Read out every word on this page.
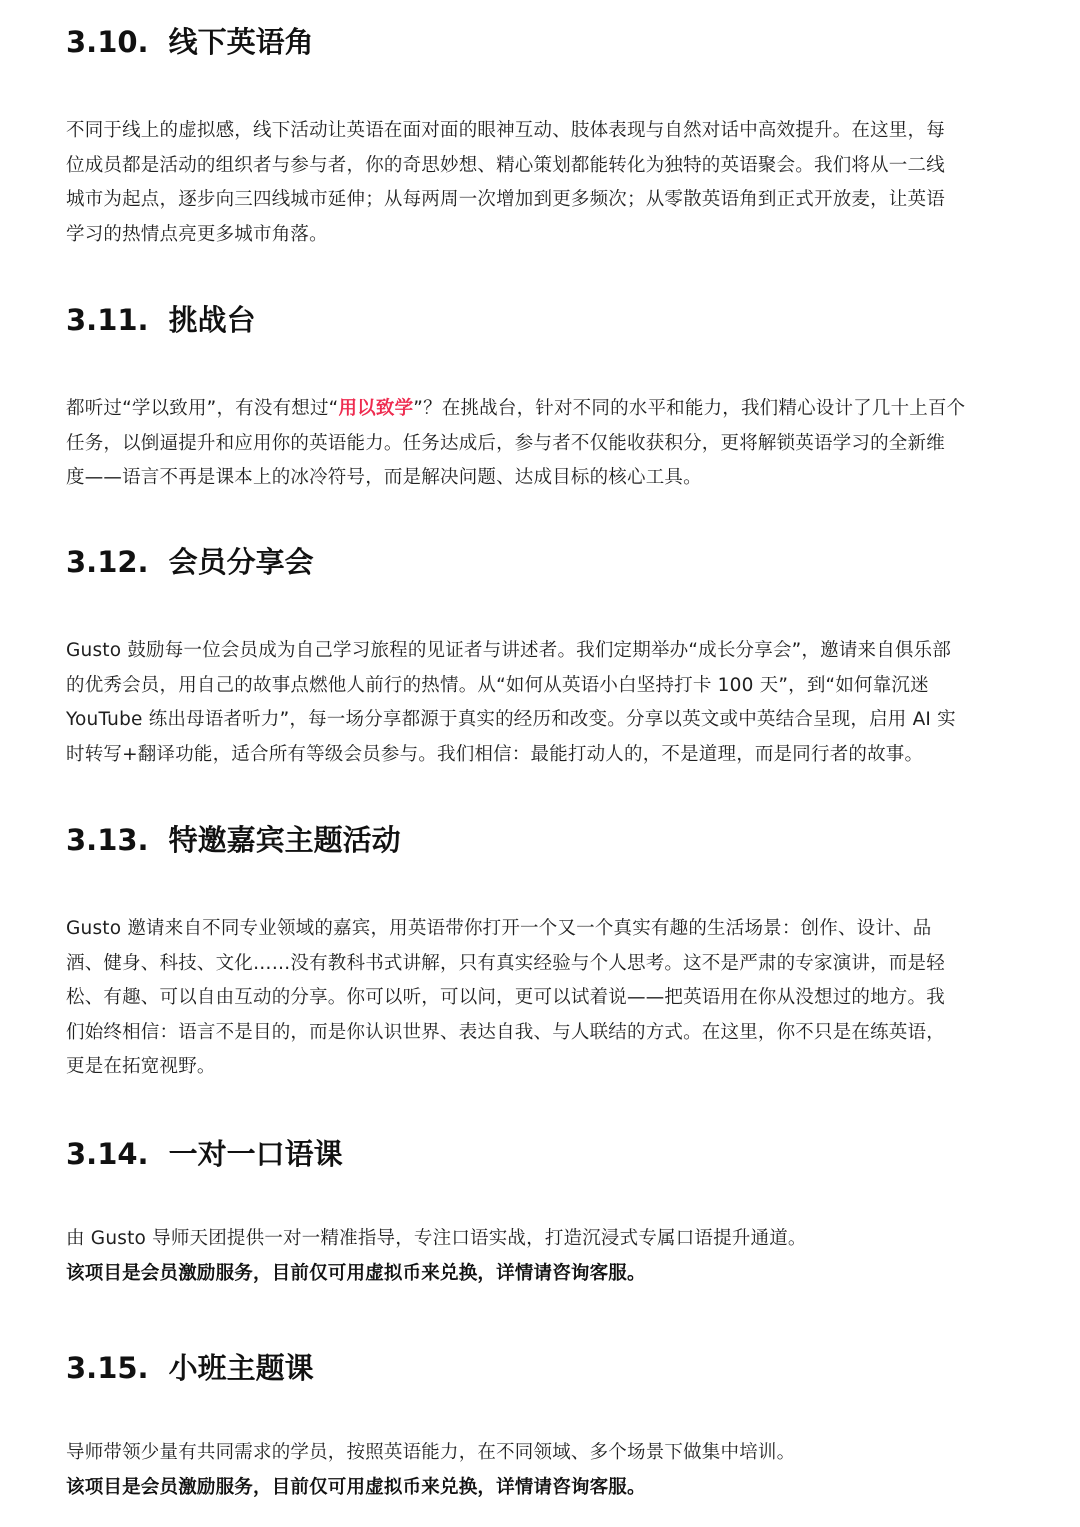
3.10. 线下英语角

不同于线上的虚拟感，线下活动让英语在面对面的眼神互动、肢体表现与自然对话中高效提升。在这里，每
位成员都是活动的组织者与参与者，你的奇思妙想、精心策划都能转化为独特的英语聚会。我们将从一二线
城市为起点，逐步向三四线城市延伸；从每两周一次增加到更多频次；从零散英语角到正式开放麦，让英语
学习的热情点亮更多城市角落。

3.11. 挑战台

都听过“学以致用”，有没有想过“用以致学”？在挑战台，针对不同的水平和能力，我们精心设计了几十上百个
任务，以倒逼提升和应用你的英语能力。任务达成后，参与者不仅能收获积分，更将解锁英语学习的全新维
度——语言不再是课本上的冰冷符号，而是解决问题、达成目标的核心工具。

3.12. 会员分享会

Gusto 鼓励每一位会员成为自己学习旅程的见证者与讲述者。我们定期举办“成长分享会”，邀请来自俱乐部
的优秀会员，用自己的故事点燃他人前行的热情。从“如何从英语小白坚持打卡 100 天”，到“如何靠沉迷
YouTube 练出母语者听力”，每一场分享都源于真实的经历和改变。分享以英文或中英结合呈现，启用 AI 实
时转写+翻译功能，适合所有等级会员参与。我们相信：最能打动人的，不是道理，而是同行者的故事。

3.13. 特邀嘉宾主题活动

Gusto 邀请来自不同专业领域的嘉宾，用英语带你打开一个又一个真实有趣的生活场景：创作、设计、品
酒、健身、科技、文化……没有教科书式讲解，只有真实经验与个人思考。这不是严肃的专家演讲，而是轻
松、有趣、可以自由互动的分享。你可以听，可以问，更可以试着说——把英语用在你从没想过的地方。我
们始终相信：语言不是目的，而是你认识世界、表达自我、与人联结的方式。在这里，你不只是在练英语，
更是在拓宽视野。

3.14. 一对一口语课

由 Gusto 导师天团提供一对一精准指导，专注口语实战，打造沉浸式专属口语提升通道。
该项目是会员激励服务，目前仅可用虚拟币来兑换，详情请咨询客服。

3.15. 小班主题课

导师带领少量有共同需求的学员，按照英语能力，在不同领域、多个场景下做集中培训。
该项目是会员激励服务，目前仅可用虚拟币来兑换，详情请咨询客服。
